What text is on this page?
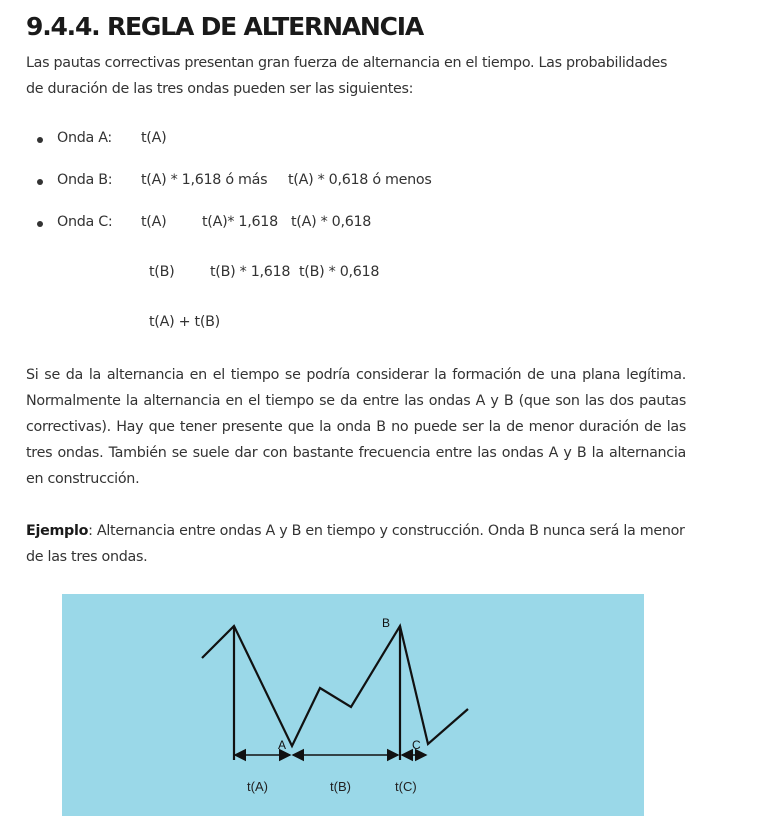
9.4.4. REGLA DE ALTERNANCIA

Las pautas correctivas presentan gran fuerza de alternancia en el tiempo. Las probabilidades de duración de las tres ondas pueden ser las siguientes:

Onda A: t(A)
Onda B: t(A) * 1,618 ó más t(A) * 0,618 ó menos
Onda C: t(A) t(A)* 1,618 t(A) * 0,618
t(B) t(B) * 1,618 t(B) * 0,618
t(A) + t(B)

Si se da la alternancia en el tiempo se podría considerar la formación de una plana legítima. Normalmente la alternancia en el tiempo se da entre las ondas A y B (que son las dos pautas correctivas). Hay que tener presente que la onda B no puede ser la de menor duración de las tres ondas. También se suele dar con bastante frecuencia entre las ondas A y B la alternancia en construcción.

Ejemplo: Alternancia entre ondas A y B en tiempo y construcción. Onda B nunca será la menor de las tres ondas.

B
A	C
t(A)	t(B)	t(C)
